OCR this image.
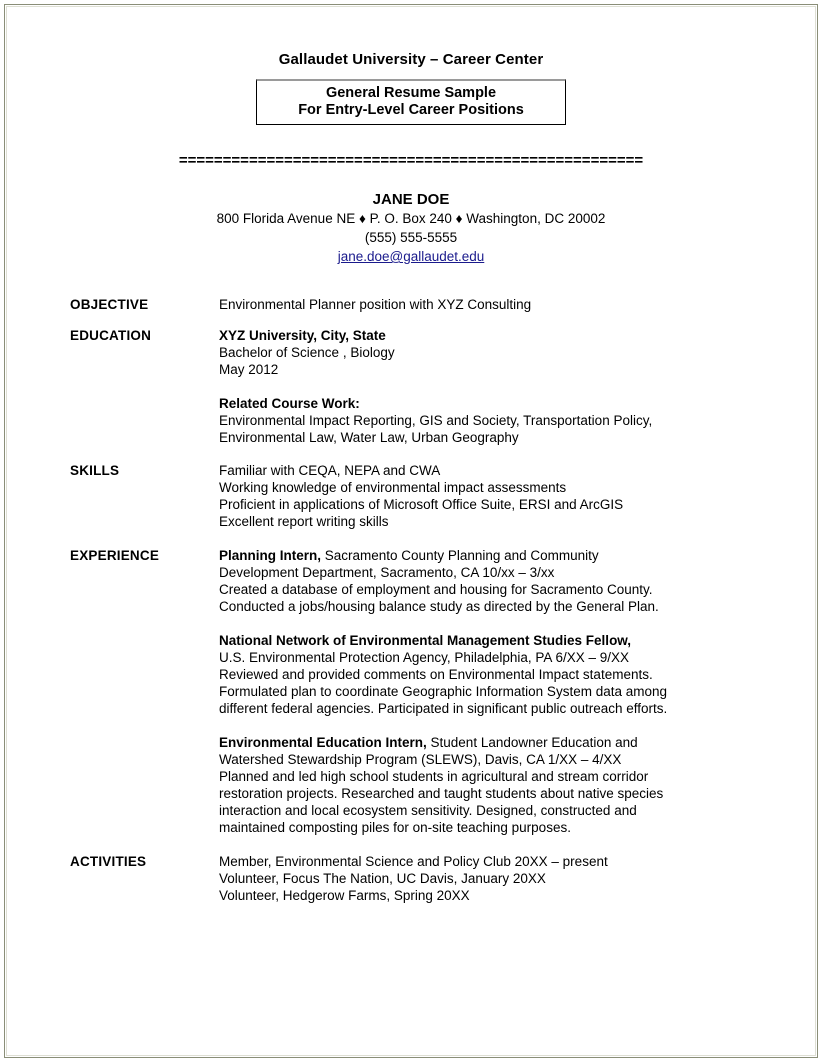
Gallaudet University – Career Center
General Resume Sample
For Entry-Level Career Positions
=====================================================
JANE DOE
800 Florida Avenue NE ♦ P. O. Box 240 ♦ Washington, DC 20002
(555) 555-5555
jane.doe@gallaudet.edu
OBJECTIVE	Environmental Planner position with XYZ Consulting

EDUCATION	XYZ University, City, State

Bachelor of Science , Biology

May 2012

Related Course Work:

Environmental Impact Reporting, GIS and Society, Transportation Policy,

Environmental Law, Water Law, Urban Geography

SKILLS	Familiar with CEQA, NEPA and CWA

Working knowledge of environmental impact assessments

Proficient in applications of Microsoft Office Suite, ERSI and ArcGIS

Excellent report writing skills

EXPERIENCE	Planning Intern, Sacramento County Planning and Community

Development Department, Sacramento, CA 10/xx – 3/xx

Created a database of employment and housing for Sacramento County.

Conducted a jobs/housing balance study as directed by the General Plan.

National Network of Environmental Management Studies Fellow,

U.S. Environmental Protection Agency, Philadelphia, PA 6/XX – 9/XX

Reviewed and provided comments on Environmental Impact statements.

Formulated plan to coordinate Geographic Information System data among

different federal agencies. Participated in significant public outreach efforts.

Environmental Education Intern, Student Landowner Education and

Watershed Stewardship Program (SLEWS), Davis, CA 1/XX – 4/XX

Planned and led high school students in agricultural and stream corridor

restoration projects. Researched and taught students about native species

interaction and local ecosystem sensitivity. Designed, constructed and

maintained composting piles for on-site teaching purposes.

ACTIVITIES	Member, Environmental Science and Policy Club 20XX – present

Volunteer, Focus The Nation, UC Davis, January 20XX

Volunteer, Hedgerow Farms, Spring 20XX
